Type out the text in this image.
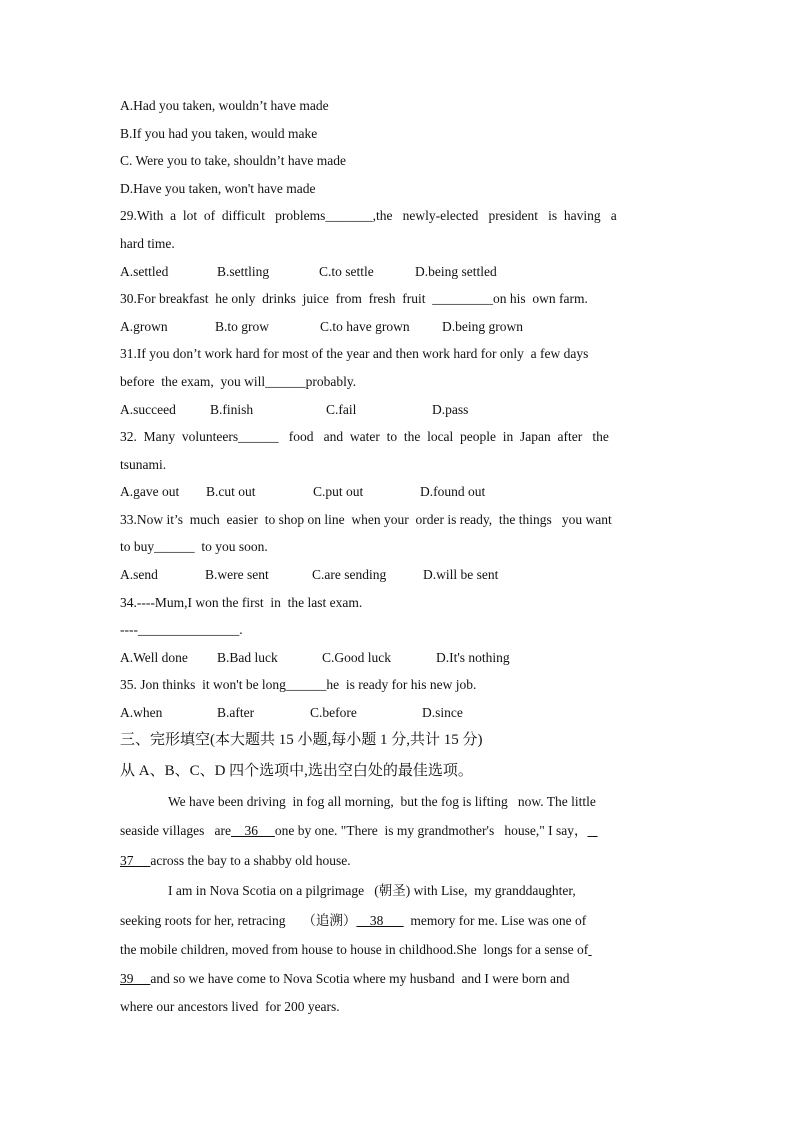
A.Had you taken, wouldn’t have made
B.If you had you taken, would make
C. Were you to take, shouldn’t have made
D.Have you taken, won't have made
29.With  a  lot  of  difficult   problems_______,the   newly-elected   president   is  having   a
hard time.
A.settled	B.settling	C.to settle	D.being settled
30.For breakfast  he only  drinks  juice  from  fresh  fruit  _________on his  own farm.
A.grown	B.to grow	C.to have grown	D.being grown
31.If you don’t work hard for most of the year and then work hard for only  a few days
before  the exam,  you will______probably.
A.succeed	B.finish	C.fail	D.pass
32.  Many  volunteers______   food   and  water  to  the  local  people  in  Japan  after   the
tsunami.
A.gave out	B.cut out	C.put out	D.found out
33.Now it’s  much  easier  to shop on line  when your  order is ready,  the things   you want
to buy______  to you soon.
A.send	B.were sent	C.are sending	D.will be sent
34.----Mum,I won the first  in  the last exam.
----_______________.
A.Well done	B.Bad luck	C.Good luck	D.It's nothing
35. Jon thinks  it won't be long______he  is ready for his new job.
A.when	B.after	C.before	D.since
三、完形填空(本大题共 15 小题,每小题 1 分,共计 15 分)
从 A、B、C、D 四个选项中,选出空白处的最佳选项。
We have been driving  in fog all morning,  but the fog is lifting   now. The little
seaside villages   are    36     one by one. "There  is my grandmother's   house," I say，
37     across the bay to a shabby old house.
I am in Nova Scotia on a pilgrimage   (朝圣) with Lise,  my granddaughter,
seeking roots for her, retracing     （追溯）    38        memory for me. Lise was one of
the mobile children, moved from house to house in childhood.She  longs for a sense of
39     and so we have come to Nova Scotia where my husband  and I were born and
where our ancestors lived  for 200 years.
